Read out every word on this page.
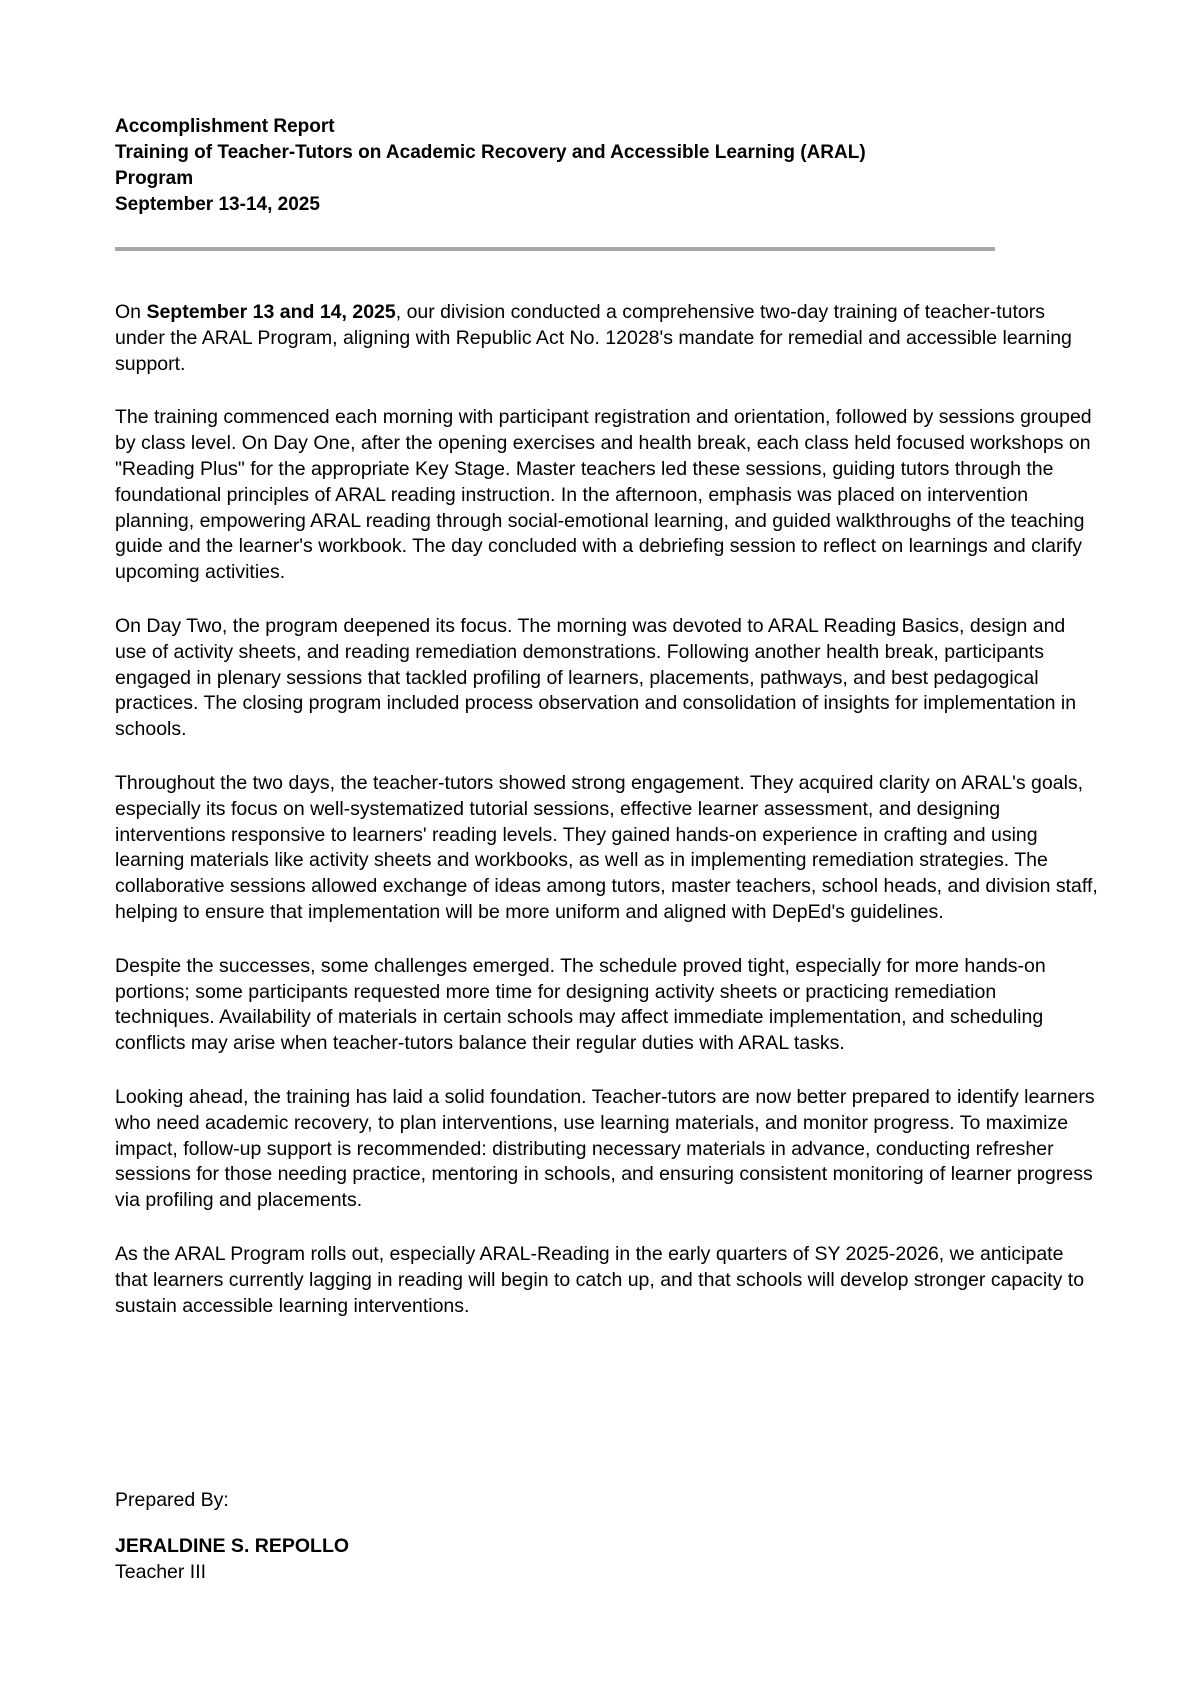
Accomplishment Report

Training of Teacher-Tutors on Academic Recovery and Accessible Learning (ARAL)

Program

September 13-14, 2025

On September 13 and 14, 2025, our division conducted a comprehensive two-day training of teacher-tutors under the ARAL Program, aligning with Republic Act No. 12028's mandate for remedial and accessible learning support.

The training commenced each morning with participant registration and orientation, followed by sessions grouped by class level. On Day One, after the opening exercises and health break, each class held focused workshops on "Reading Plus" for the appropriate Key Stage. Master teachers led these sessions, guiding tutors through the foundational principles of ARAL reading instruction. In the afternoon, emphasis was placed on intervention planning, empowering ARAL reading through social-emotional learning, and guided walkthroughs of the teaching guide and the learner's workbook. The day concluded with a debriefing session to reflect on learnings and clarify upcoming activities.

On Day Two, the program deepened its focus. The morning was devoted to ARAL Reading Basics, design and use of activity sheets, and reading remediation demonstrations. Following another health break, participants engaged in plenary sessions that tackled profiling of learners, placements, pathways, and best pedagogical practices. The closing program included process observation and consolidation of insights for implementation in schools.

Throughout the two days, the teacher-tutors showed strong engagement. They acquired clarity on ARAL's goals, especially its focus on well-systematized tutorial sessions, effective learner assessment, and designing interventions responsive to learners' reading levels. They gained hands-on experience in crafting and using learning materials like activity sheets and workbooks, as well as in implementing remediation strategies. The collaborative sessions allowed exchange of ideas among tutors, master teachers, school heads, and division staff, helping to ensure that implementation will be more uniform and aligned with DepEd's guidelines.

Despite the successes, some challenges emerged. The schedule proved tight, especially for more hands-on portions; some participants requested more time for designing activity sheets or practicing remediation techniques. Availability of materials in certain schools may affect immediate implementation, and scheduling conflicts may arise when teacher-tutors balance their regular duties with ARAL tasks.

Looking ahead, the training has laid a solid foundation. Teacher-tutors are now better prepared to identify learners who need academic recovery, to plan interventions, use learning materials, and monitor progress. To maximize impact, follow-up support is recommended: distributing necessary materials in advance, conducting refresher sessions for those needing practice, mentoring in schools, and ensuring consistent monitoring of learner progress via profiling and placements.

As the ARAL Program rolls out, especially ARAL-Reading in the early quarters of SY 2025-2026, we anticipate that learners currently lagging in reading will begin to catch up, and that schools will develop stronger capacity to sustain accessible learning interventions.

Prepared By:

JERALDINE S. REPOLLO

Teacher III
